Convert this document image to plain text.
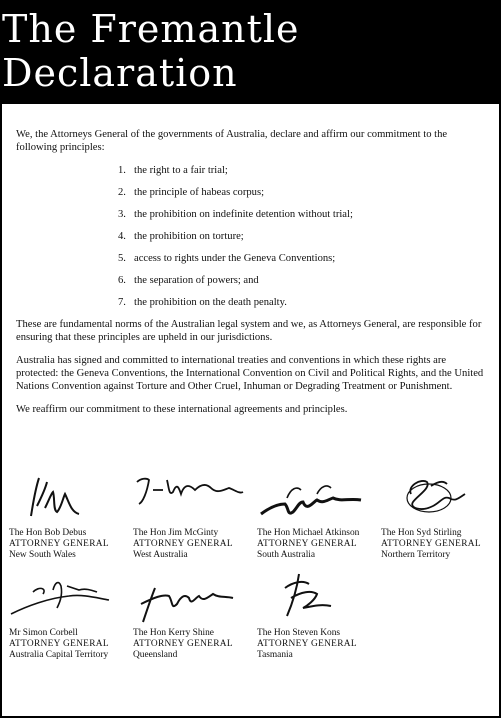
The Fremantle Declaration

We, the Attorneys General of the governments of Australia, declare and affirm our commitment to the following principles:

1. the right to a fair trial;
2. the principle of habeas corpus;
3. the prohibition on indefinite detention without trial;
4. the prohibition on torture;
5. access to rights under the Geneva Conventions;
6. the separation of powers; and
7. the prohibition on the death penalty.

These are fundamental norms of the Australian legal system and we, as Attorneys General, are responsible for ensuring that these principles are upheld in our jurisdictions.

Australia has signed and committed to international treaties and conventions in which these rights are protected: the Geneva Conventions, the International Convention on Civil and Political Rights, and the United Nations Convention against Torture and Other Cruel, Inhuman or Degrading Treatment or Punishment.

We reaffirm our commitment to these international agreements and principles.

The Hon Bob Debus
ATTORNEY GENERAL
New South Wales
The Hon Jim McGinty
ATTORNEY GENERAL
West Australia
The Hon Michael Atkinson
ATTORNEY GENERAL
South Australia
The Hon Syd Stirling
ATTORNEY GENERAL
Northern Territory
Mr Simon Corbell
ATTORNEY GENERAL
Australia Capital Territory
The Hon Kerry Shine
ATTORNEY GENERAL
Queensland
The Hon Steven Kons
ATTORNEY GENERAL
Tasmania
